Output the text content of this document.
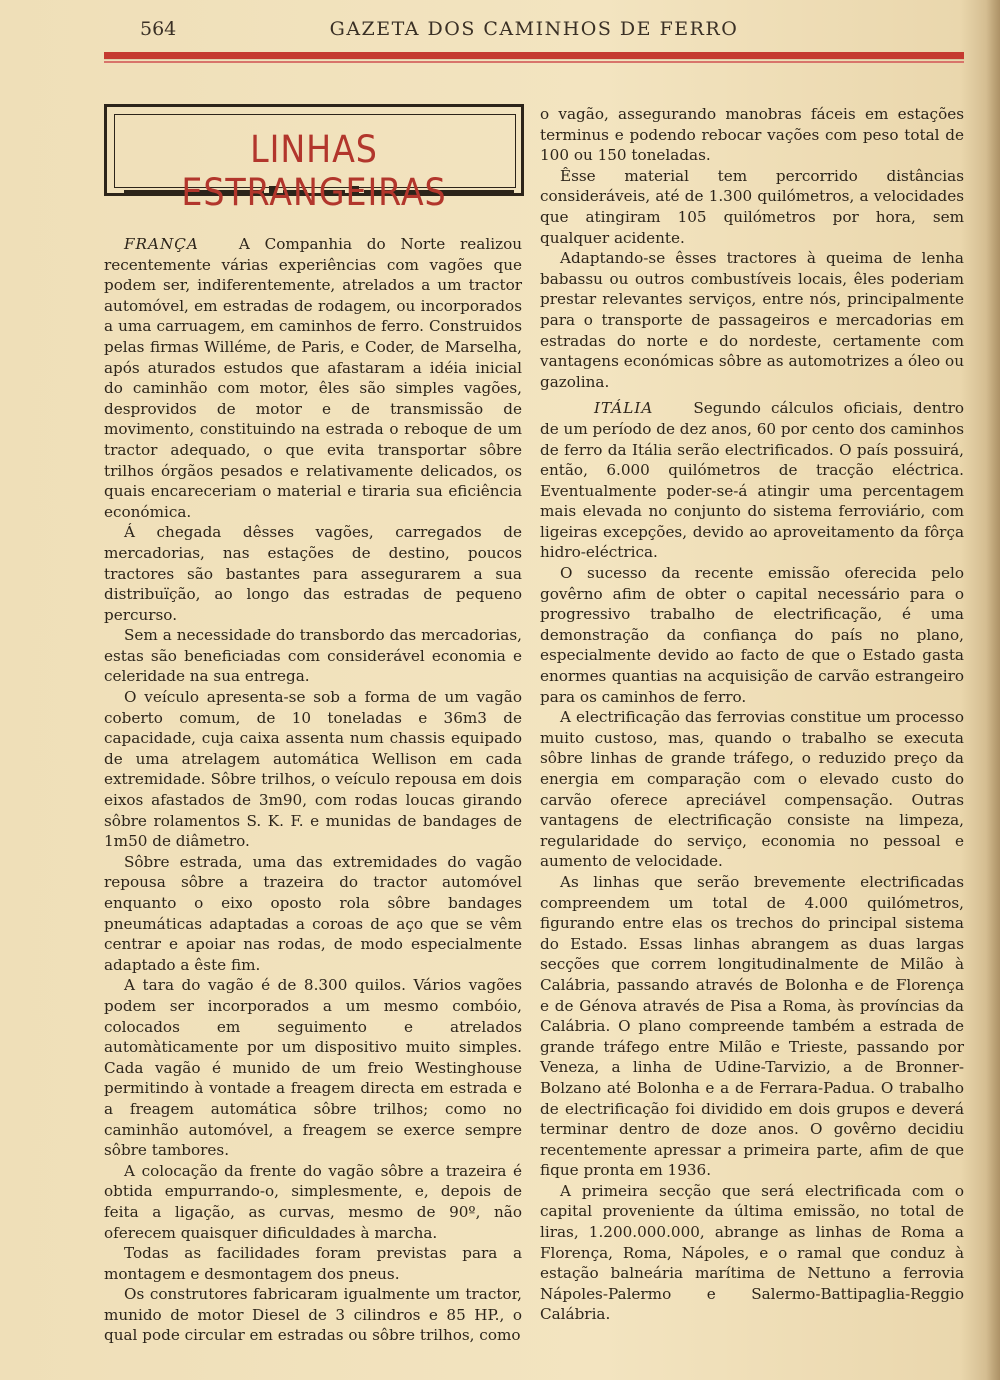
564	GAZETA DOS CAMINHOS DE FERRO
LINHAS ESTRANGEIRAS

FRANÇA	A Companhia do Norte realizou recentemente várias experiências com vagões que podem ser, indiferentemente, atrelados a um tractor automóvel, em estradas de rodagem, ou incorporados a uma carruagem, em caminhos de ferro. Construidos pelas firmas Willéme, de Paris, e Coder, de Marselha, após aturados estudos que afastaram a idéia inicial do caminhão com motor, êles são simples vagões, desprovidos de motor e de transmissão de movimento, constituindo na estrada o reboque de um tractor adequado, o que evita transportar sôbre trilhos órgãos pesados e relativamente delicados, os quais encareceriam o material e tiraria sua eficiência económica.

Á chegada dêsses vagões, carregados de mercadorias, nas estações de destino, poucos tractores são bastantes para assegurarem a sua distribuïção, ao longo das estradas de pequeno percurso.

Sem a necessidade do transbordo das mercadorias, estas são beneficiadas com considerável economia e celeridade na sua entrega.

O veículo apresenta-se sob a forma de um vagão coberto comum, de 10 toneladas e 36m3 de capacidade, cuja caixa assenta num chassis equipado de uma atrelagem automática Wellison em cada extremidade. Sôbre trilhos, o veículo repousa em dois eixos afastados de 3m90, com rodas loucas girando sôbre rolamentos S. K. F. e munidas de bandages de 1m50 de diâmetro.

Sôbre estrada, uma das extremidades do vagão repousa sôbre a trazeira do tractor automóvel enquanto o eixo oposto rola sôbre bandages pneumáticas adaptadas a coroas de aço que se vêm centrar e apoiar nas rodas, de modo especialmente adaptado a êste fim.

A tara do vagão é de 8.300 quilos. Vários vagões podem ser incorporados a um mesmo combóio, colocados em seguimento e atrelados automàticamente por um dispositivo muito simples. Cada vagão é munido de um freio Westinghouse permitindo à vontade a freagem directa em estrada e a freagem automática sôbre trilhos; como no caminhão automóvel, a freagem se exerce sempre sôbre tambores.

A colocação da frente do vagão sôbre a trazeira é obtida empurrando-o, simplesmente, e, depois de feita a ligação, as curvas, mesmo de 90º, não oferecem quaisquer dificuldades à marcha.

Todas as facilidades foram previstas para a montagem e desmontagem dos pneus.

Os construtores fabricaram igualmente um tractor, munido de motor Diesel de 3 cilindros e 85 HP., o qual pode circular em estradas ou sôbre trilhos, como

o vagão, assegurando manobras fáceis em estações terminus e podendo rebocar vações com peso total de 100 ou 150 toneladas.

Êsse material tem percorrido distâncias consideráveis, até de 1.300 quilómetros, a velocidades que atingiram 105 quilómetros por hora, sem qualquer acidente.

Adaptando-se êsses tractores à queima de lenha babassu ou outros combustíveis locais, êles poderiam prestar relevantes serviços, entre nós, principalmente para o transporte de passageiros e mercadorias em estradas do norte e do nordeste, certamente com vantagens económicas sôbre as automotrizes a óleo ou gazolina.

ITÁLIA	Segundo cálculos oficiais, dentro de um período de dez anos, 60 por cento dos caminhos de ferro da Itália serão electrificados. O país possuirá, então, 6.000 quilómetros de tracção eléctrica. Eventualmente poder-se-á atingir uma percentagem mais elevada no conjunto do sistema ferroviário, com ligeiras excepções, devido ao aproveitamento da fôrça hidro-eléctrica.

O sucesso da recente emissão oferecida pelo govêrno afim de obter o capital necessário para o progressivo trabalho de electrificação, é uma demonstração da confiança do país no plano, especialmente devido ao facto de que o Estado gasta enormes quantias na acquisição de carvão estrangeiro para os caminhos de ferro.

A electrificação das ferrovias constitue um processo muito custoso, mas, quando o trabalho se executa sôbre linhas de grande tráfego, o reduzido preço da energia em comparação com o elevado custo do carvão oferece apreciável compensação. Outras vantagens de electrificação consiste na limpeza, regularidade do serviço, economia no pessoal e aumento de velocidade.

As linhas que serão brevemente electrificadas compreendem um total de 4.000 quilómetros, figurando entre elas os trechos do principal sistema do Estado. Essas linhas abrangem as duas largas secções que correm longitudinalmente de Milão à Calábria, passando através de Bolonha e de Florença e de Génova através de Pisa a Roma, às províncias da Calábria. O plano compreende também a estrada de grande tráfego entre Milão e Trieste, passando por Veneza, a linha de Udine-Tarvizio, a de Bronner-Bolzano até Bolonha e a de Ferrara-Padua. O trabalho de electrificação foi dividido em dois grupos e deverá terminar dentro de doze anos. O govêrno decidiu recentemente apressar a primeira parte, afim de que fique pronta em 1936.

A primeira secção que será electrificada com o capital proveniente da última emissão, no total de liras, 1.200.000.000, abrange as linhas de Roma a Florença, Roma, Nápoles, e o ramal que conduz à estação balneária marítima de Nettuno a ferrovia Nápoles-Palermo e Salermo-Battipaglia-Reggio Calábria.
